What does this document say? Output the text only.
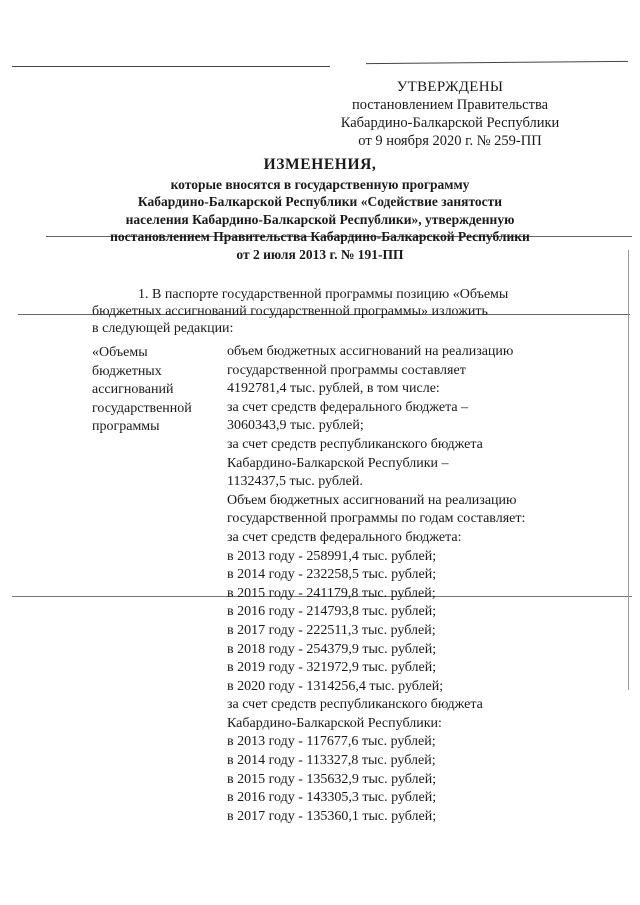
УТВЕРЖДЕНЫ
постановлением Правительства
Кабардино-Балкарской Республики
от 9 ноября 2020 г. № 259-ПП
ИЗМЕНЕНИЯ,
которые вносятся в государственную программу
Кабардино-Балкарской Республики «Содействие занятости
населения Кабардино-Балкарской Республики», утвержденную
постановлением Правительства Кабардино-Балкарской Республики
от 2 июля 2013 г. № 191-ПП
1. В паспорте государственной программы позицию «Объемы
бюджетных ассигнований государственной программы» изложить
в следующей редакции:
«Объемы
бюджетных
ассигнований
государственной
программы
объем бюджетных ассигнований на реализацию
государственной программы составляет
4192781,4 тыс. рублей, в том числе:
за счет средств федерального бюджета –
3060343,9 тыс. рублей;
за счет средств республиканского бюджета
Кабардино-Балкарской Республики –
1132437,5 тыс. рублей.
Объем бюджетных ассигнований на реализацию
государственной программы по годам составляет:
за счет средств федерального бюджета:
в 2013 году - 258991,4 тыс. рублей;
в 2014 году - 232258,5 тыс. рублей;
в 2015 году - 241179,8 тыс. рублей;
в 2016 году - 214793,8 тыс. рублей;
в 2017 году - 222511,3 тыс. рублей;
в 2018 году - 254379,9 тыс. рублей;
в 2019 году - 321972,9 тыс. рублей;
в 2020 году - 1314256,4 тыс. рублей;
за счет средств республиканского бюджета
Кабардино-Балкарской Республики:
в 2013 году - 117677,6 тыс. рублей;
в 2014 году - 113327,8 тыс. рублей;
в 2015 году - 135632,9 тыс. рублей;
в 2016 году - 143305,3 тыс. рублей;
в 2017 году - 135360,1 тыс. рублей;
